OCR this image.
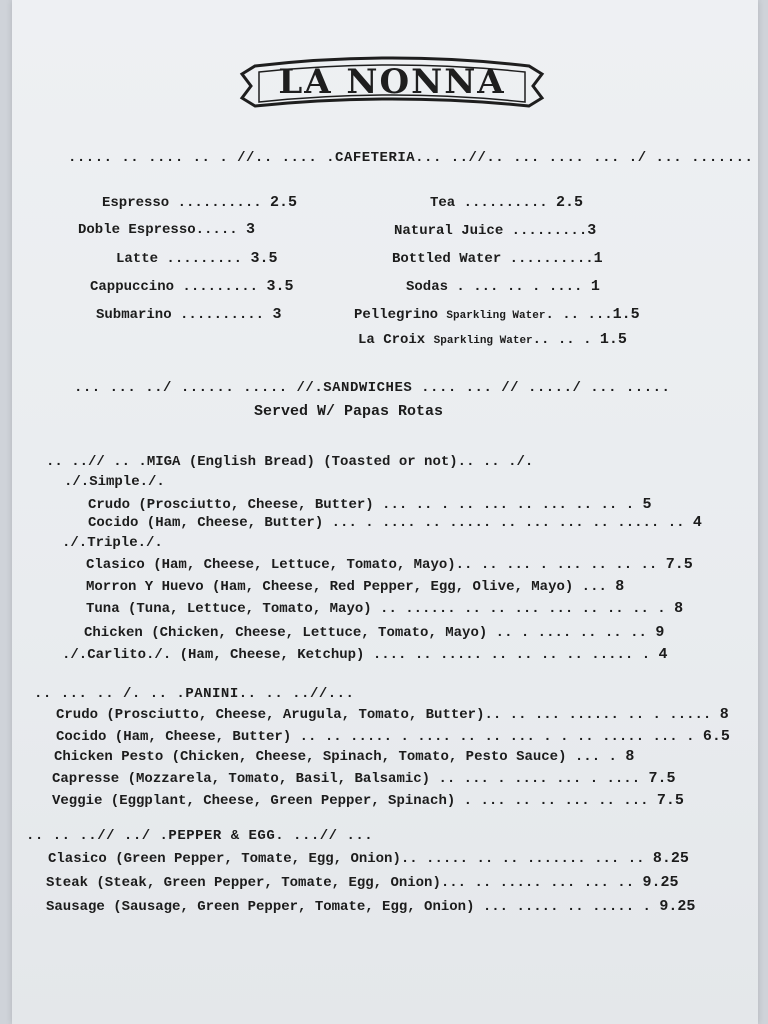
LA NONNA
..... .. .... .. . //.. .... .CAFETERIA... ..//.. ... .... ... ./ ... .......
Espresso .......... 2.5
Doble Espresso..... 3
Latte ......... 3.5
Cappuccino ......... 3.5
Submarino .......... 3
Tea .......... 2.5
Natural Juice .........3
Bottled Water ..........1
Sodas . ... .. . .... 1
Pellegrino Sparkling Water. .. ...1.5
La Croix Sparkling Water.. .. . 1.5
... ... ../ ...... ..... //.SANDWICHES .... ... // ...../ ... .....
Served W/ Papas Rotas
.. ..// .. .MIGA (English Bread) (Toasted or not).. .. ./.
./.Simple./.
Crudo (Prosciutto, Cheese, Butter) ... .. . .. ... .. ... .. .. . 5
Cocido (Ham, Cheese, Butter) ... . .... .. ..... .. ... ... .. ..... .. 4
./.Triple./.
Clasico (Ham, Cheese, Lettuce, Tomato, Mayo).. .. ... . ... .. .. .. 7.5
Morron Y Huevo (Ham, Cheese, Red Pepper, Egg, Olive, Mayo) ... 8
Tuna (Tuna, Lettuce, Tomato, Mayo) .. ...... .. .. ... ... .. .. .. . 8
Chicken (Chicken, Cheese, Lettuce, Tomato, Mayo) .. . .... .. .. .. 9
./.Carlito./. (Ham, Cheese, Ketchup) .... .. ..... .. .. .. .. ..... . 4
.. ... .. /. .. .PANINI.. .. ..//...
Crudo (Prosciutto, Cheese, Arugula, Tomato, Butter).. .. ... ...... .. . ..... 8
Cocido (Ham, Cheese, Butter) .. .. ..... . .... .. .. ... . . .. ..... ... . 6.5
Chicken Pesto (Chicken, Cheese, Spinach, Tomato, Pesto Sauce) ... . 8
Capresse (Mozzarela, Tomato, Basil, Balsamic) .. ... . .... ... . .... 7.5
Veggie (Eggplant, Cheese, Green Pepper, Spinach) . ... .. .. ... .. ... 7.5
.. .. ..// ../ .PEPPER & EGG. ...// ...
Clasico (Green Pepper, Tomate, Egg, Onion).. ..... .. .. ....... ... .. 8.25
Steak (Steak, Green Pepper, Tomate, Egg, Onion)... .. ..... ... ... .. 9.25
Sausage (Sausage, Green Pepper, Tomate, Egg, Onion) ... ..... .. ..... . 9.25
